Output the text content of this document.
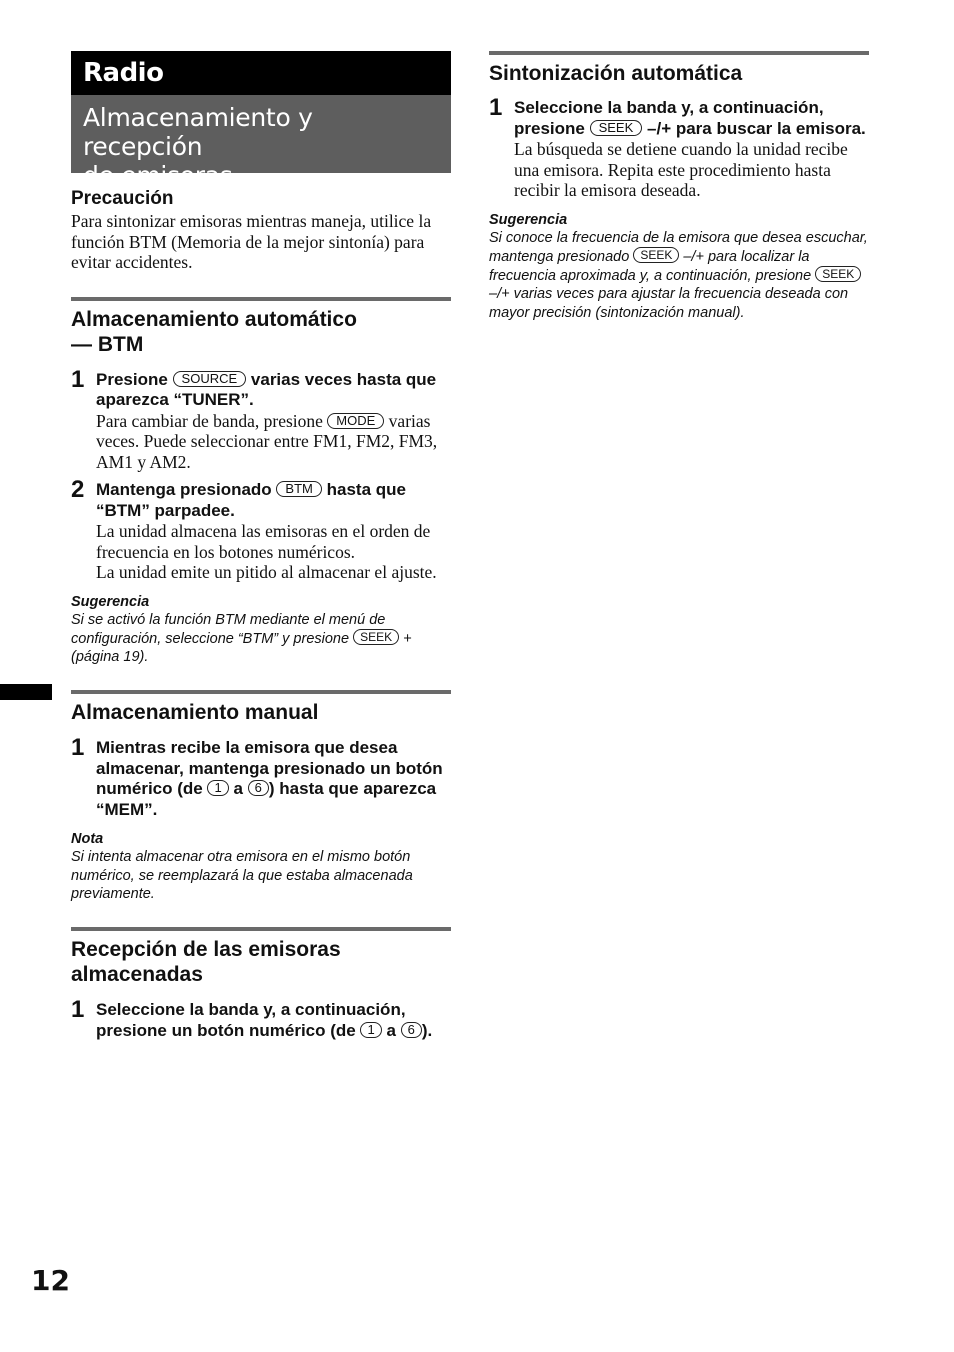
Radio
Almacenamiento y recepción
de emisoras
Precaución
Para sintonizar emisoras mientras maneja, utilice la función BTM (Memoria de la mejor sintonía) para evitar accidentes.
Almacenamiento automático
— BTM
1 Presione SOURCE varias veces hasta que aparezca “TUNER”.
Para cambiar de banda, presione MODE varias veces. Puede seleccionar entre FM1, FM2, FM3, AM1 y AM2.
2 Mantenga presionado BTM hasta que “BTM” parpadee.
La unidad almacena las emisoras en el orden de frecuencia en los botones numéricos.
La unidad emite un pitido al almacenar el ajuste.
Sugerencia
Si se activó la función BTM mediante el menú de configuración, seleccione “BTM” y presione SEEK + (página 19).
Almacenamiento manual
1 Mientras recibe la emisora que desea almacenar, mantenga presionado un botón numérico (de 1 a 6 ) hasta que aparezca “MEM”.
Nota
Si intenta almacenar otra emisora en el mismo botón numérico, se reemplazará la que estaba almacenada previamente.
Recepción de las emisoras
almacenadas
1 Seleccione la banda y, a continuación, presione un botón numérico (de 1 a 6 ).
Sintonización automática
1 Seleccione la banda y, a continuación, presione SEEK –/+ para buscar la emisora.
La búsqueda se detiene cuando la unidad recibe una emisora. Repita este procedimiento hasta recibir la emisora deseada.
Sugerencia
Si conoce la frecuencia de la emisora que desea escuchar, mantenga presionado SEEK –/+ para localizar la frecuencia aproximada y, a continuación, presione SEEK –/+ varias veces para ajustar la frecuencia deseada con mayor precisión (sintonización manual).
12
